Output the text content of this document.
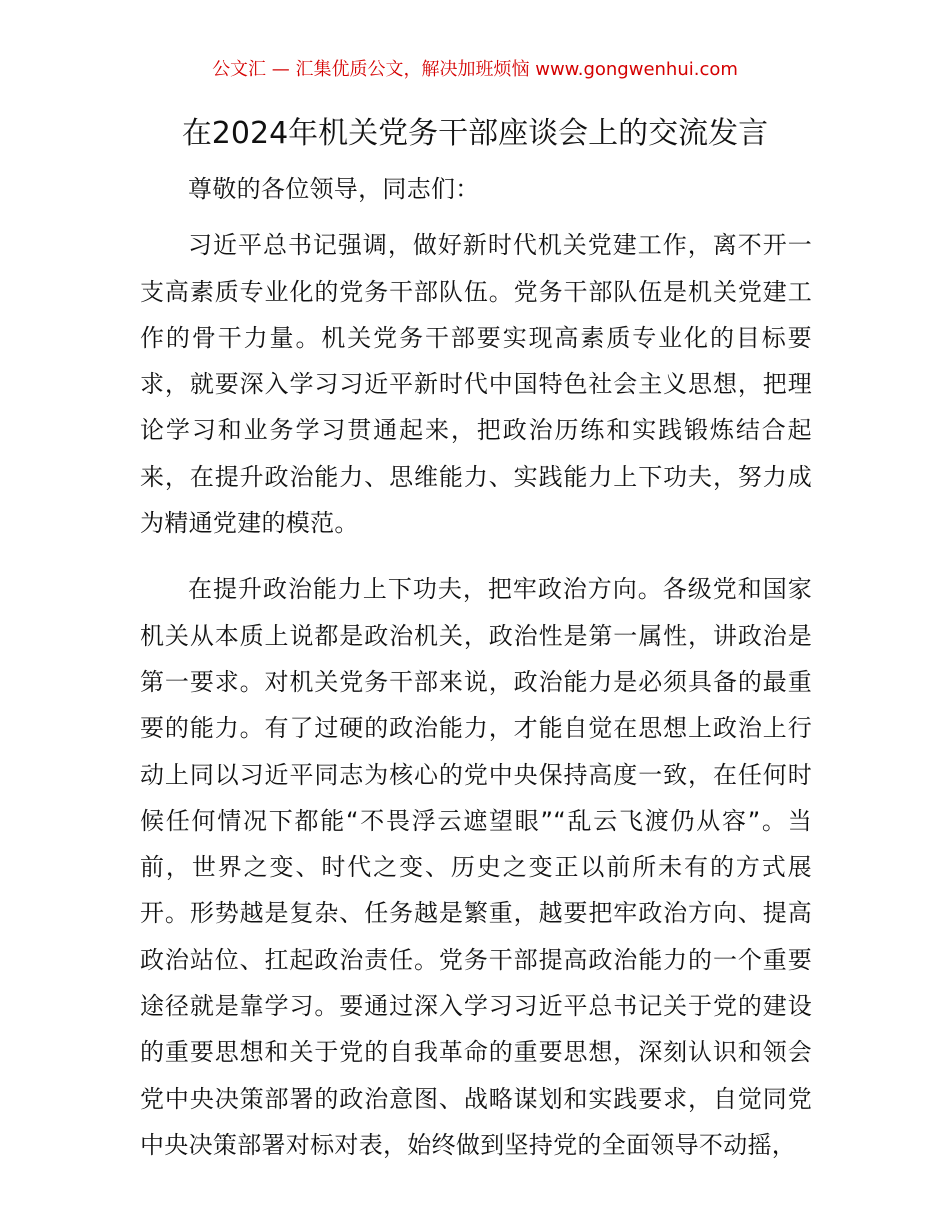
公文汇 — 汇集优质公文，解决加班烦恼 www.gongwenhui.com
在2024年机关党务干部座谈会上的交流发言

尊敬的各位领导，同志们：

习近平总书记强调，做好新时代机关党建工作，离不开一支高素质专业化的党务干部队伍。党务干部队伍是机关党建工作的骨干力量。机关党务干部要实现高素质专业化的目标要求，就要深入学习习近平新时代中国特色社会主义思想，把理论学习和业务学习贯通起来，把政治历练和实践锻炼结合起来，在提升政治能力、思维能力、实践能力上下功夫，努力成为精通党建的模范。

在提升政治能力上下功夫，把牢政治方向。各级党和国家机关从本质上说都是政治机关，政治性是第一属性，讲政治是第一要求。对机关党务干部来说，政治能力是必须具备的最重要的能力。有了过硬的政治能力，才能自觉在思想上政治上行动上同以习近平同志为核心的党中央保持高度一致，在任何时候任何情况下都能“不畏浮云遮望眼”“乱云飞渡仍从容”。当前，世界之变、时代之变、历史之变正以前所未有的方式展开。形势越是复杂、任务越是繁重，越要把牢政治方向、提高政治站位、扛起政治责任。党务干部提高政治能力的一个重要途径就是靠学习。要通过深入学习习近平总书记关于党的建设的重要思想和关于党的自我革命的重要思想，深刻认识和领会党中央决策部署的政治意图、战略谋划和实践要求，自觉同党中央决策部署对标对表，始终做到坚持党的全面领导不动摇，
